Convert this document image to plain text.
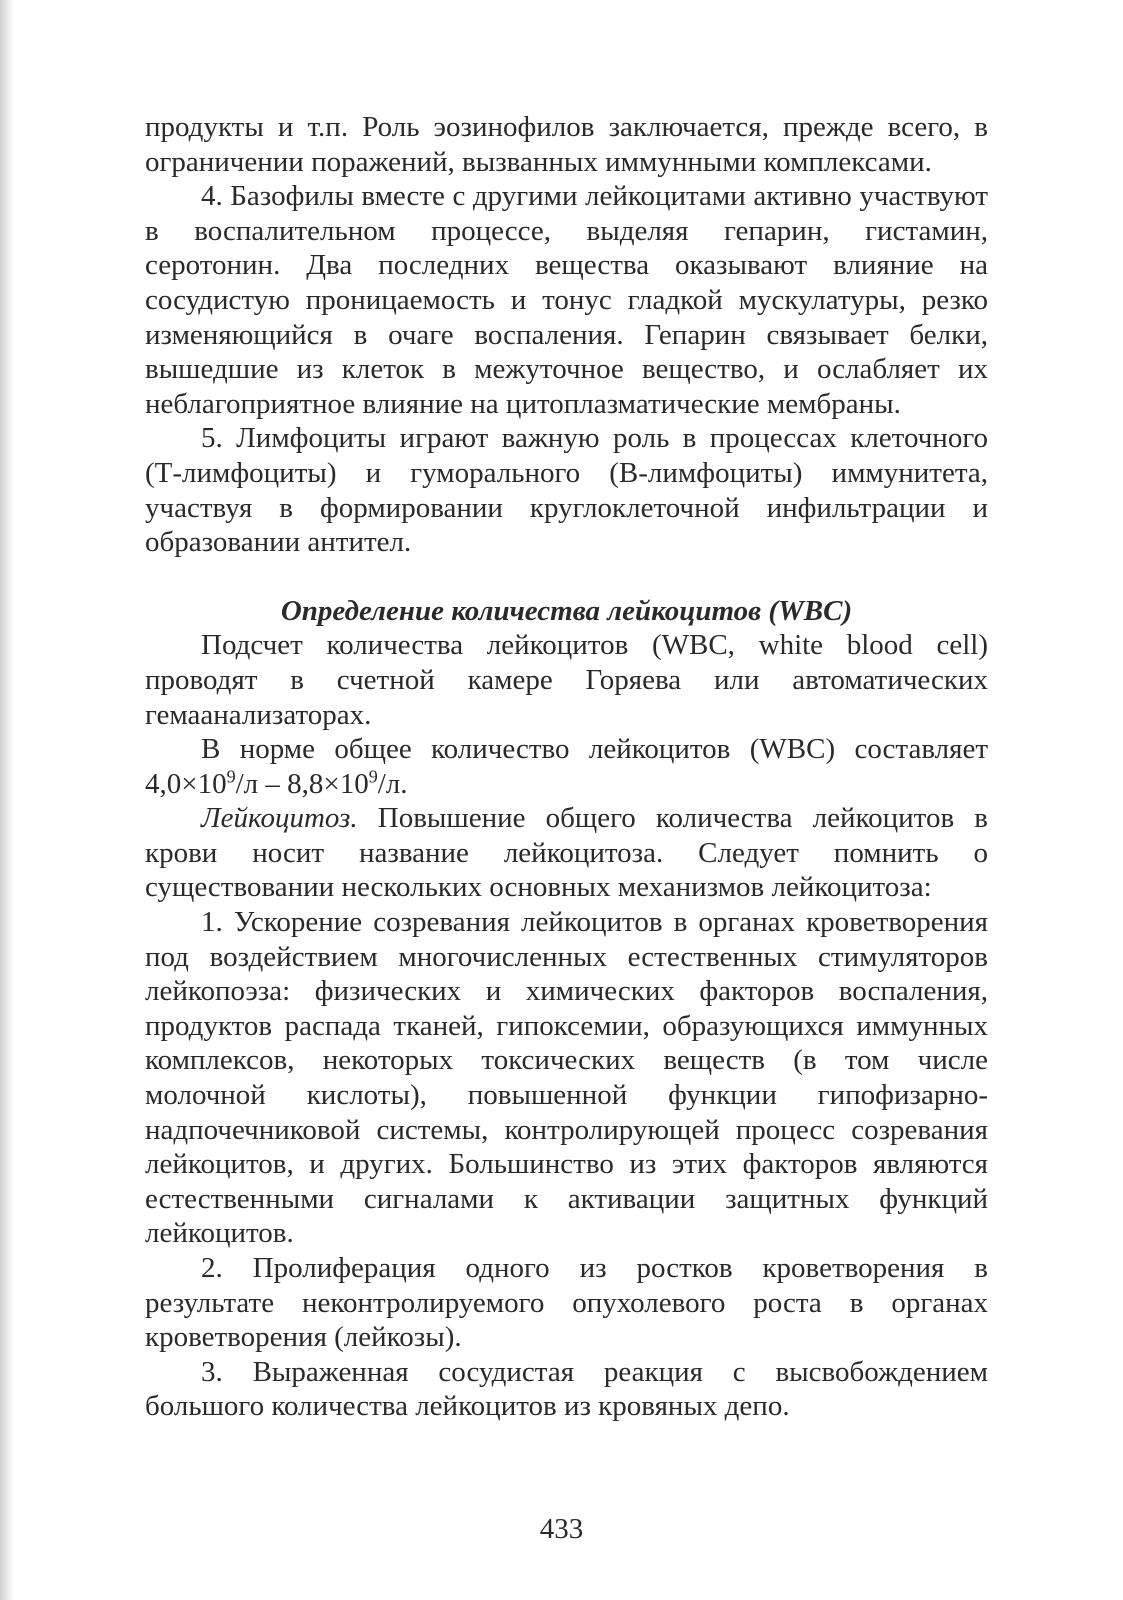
продукты и т.п. Роль эозинофилов заключается, прежде всего, в ограничении поражений, вызванных иммунными комплексами.

4. Базофилы вместе с другими лейкоцитами активно участвуют в воспалительном процессе, выделяя гепарин, гистамин, серотонин. Два последних вещества оказывают влияние на сосудистую проницаемость и тонус гладкой мускулатуры, резко изменяющийся в очаге воспаления. Гепарин связывает белки, вышедшие из клеток в межуточное вещество, и ослабляет их неблагоприятное влияние на цитоплазматические мембраны.

5. Лимфоциты играют важную роль в процессах клеточного (Т-лимфоциты) и гуморального (В-лимфоциты) иммунитета, участвуя в формировании круглоклеточной инфильтрации и образовании антител.

Определение количества лейкоцитов (WBC)

Подсчет количества лейкоцитов (WBC, white blood cell) проводят в счетной камере Горяева или автоматических гемаанализаторах.

В норме общее количество лейкоцитов (WBC) составляет $4,0\times 10^9/л - 8,8\times 10^9/л$.

Лейкоцитоз. Повышение общего количества лейкоцитов в крови носит название лейкоцитоза. Следует помнить о существовании нескольких основных механизмов лейкоцитоза:

1. Ускорение созревания лейкоцитов в органах кроветворения под воздействием многочисленных естественных стимуляторов лейкопоэза: физических и химических факторов воспаления, продуктов распада тканей, гипоксемии, образующихся иммунных комплексов, некоторых токсических веществ (в том числе молочной кислоты), повышенной функции гипофизарно-надпочечниковой системы, контролирующей процесс созревания лейкоцитов, и других. Большинство из этих факторов являются естественными сигналами к активации защитных функций лейкоцитов.

2. Пролиферация одного из ростков кроветворения в результате неконтролируемого опухолевого роста в органах кроветворения (лейкозы).

3. Выраженная сосудистая реакция с высвобождением большого количества лейкоцитов из кровяных депо.

433
